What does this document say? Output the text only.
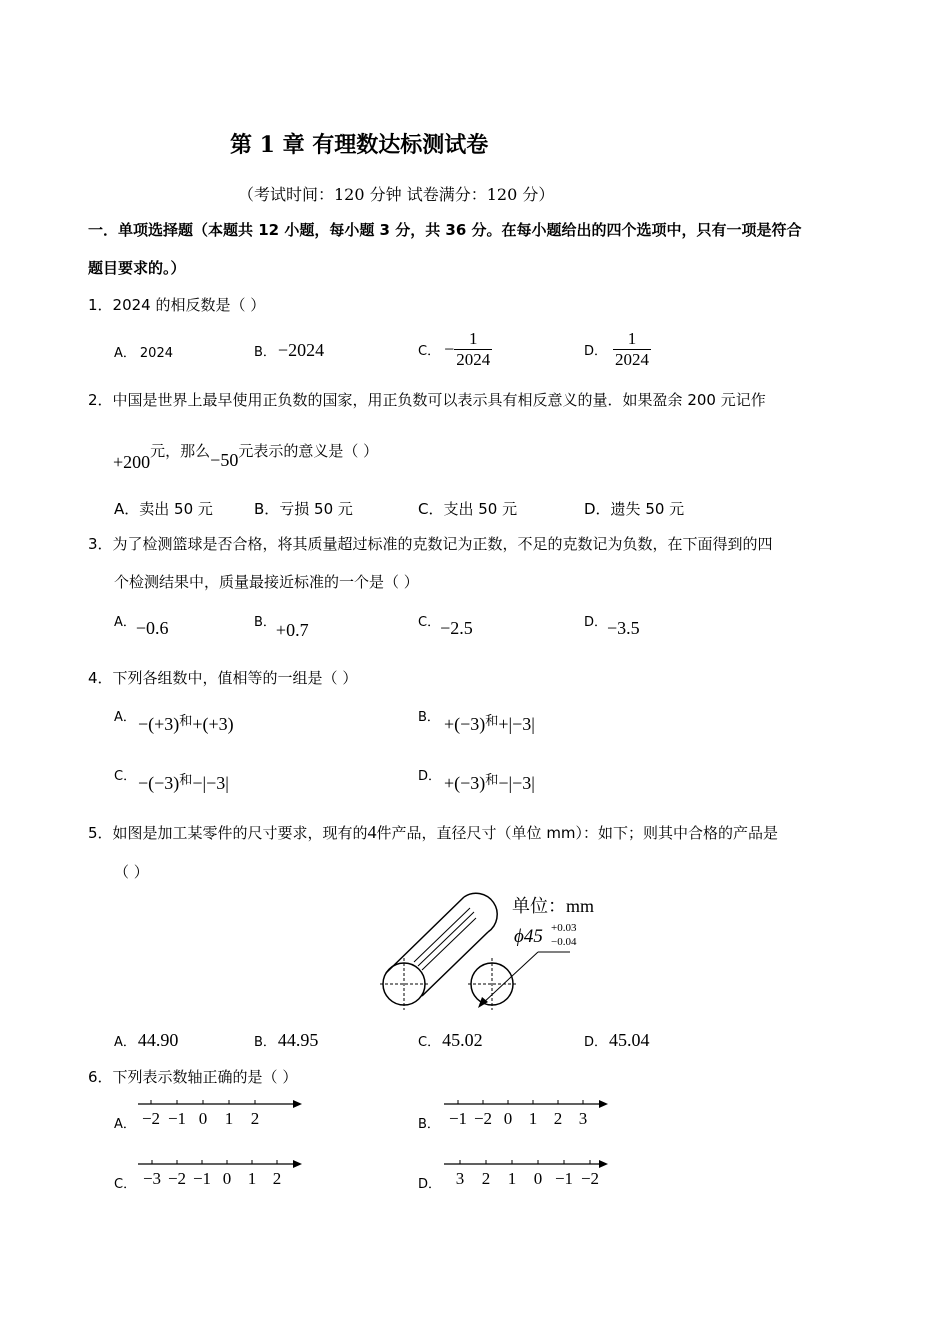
第 1 章 有理数达标测试卷
（考试时间：120 分钟 试卷满分：120 分）
一．单项选择题（本题共 12 小题，每小题 3 分，共 36 分。在每小题给出的四个选项中，只有一项是符合
题目要求的。）
1．2024 的相反数是（ ）
A． 2024	B． −2024	C． − $\frac{1}{2024}$	D． $\frac{1}{2024}$
2．中国是世界上最早使用正负数的国家，用正负数可以表示具有相反意义的量．如果盈余 200 元记作
+200元，那么−50元表示的意义是（ ）
A．卖出 50 元	B．亏损 50 元	C．支出 50 元	D．遗失 50 元
3．为了检测篮球是否合格，将其质量超过标准的克数记为正数，不足的克数记为负数，在下面得到的四
个检测结果中，质量最接近标准的一个是（ ）
A．−0.6	B．+0.7	C．−2.5	D．−3.5
4．下列各组数中，值相等的一组是（ ）
A． $-(+3)^和+(+3)$	B． $+(-3)^和+|-3|$
C． $-(-3)^和-|-3|$	D． $+(-3)^和-|-3|$
5．如图是加工某零件的尺寸要求，现有的4件产品，直径尺寸（单位 mm）：如下；则其中合格的产品是
（ ）
单位：mm
ϕ45 +0.03
−0.04
A． 44.90	B． 44.95	C． 45.02	D． 45.04
6．下列表示数轴正确的是（ ）
A． −2 −1 0 1 2	B． −1 −2 0 1 2 3
C． −3 −2 −1 0 1 2	D． 3 2 1 0 −1 −2
